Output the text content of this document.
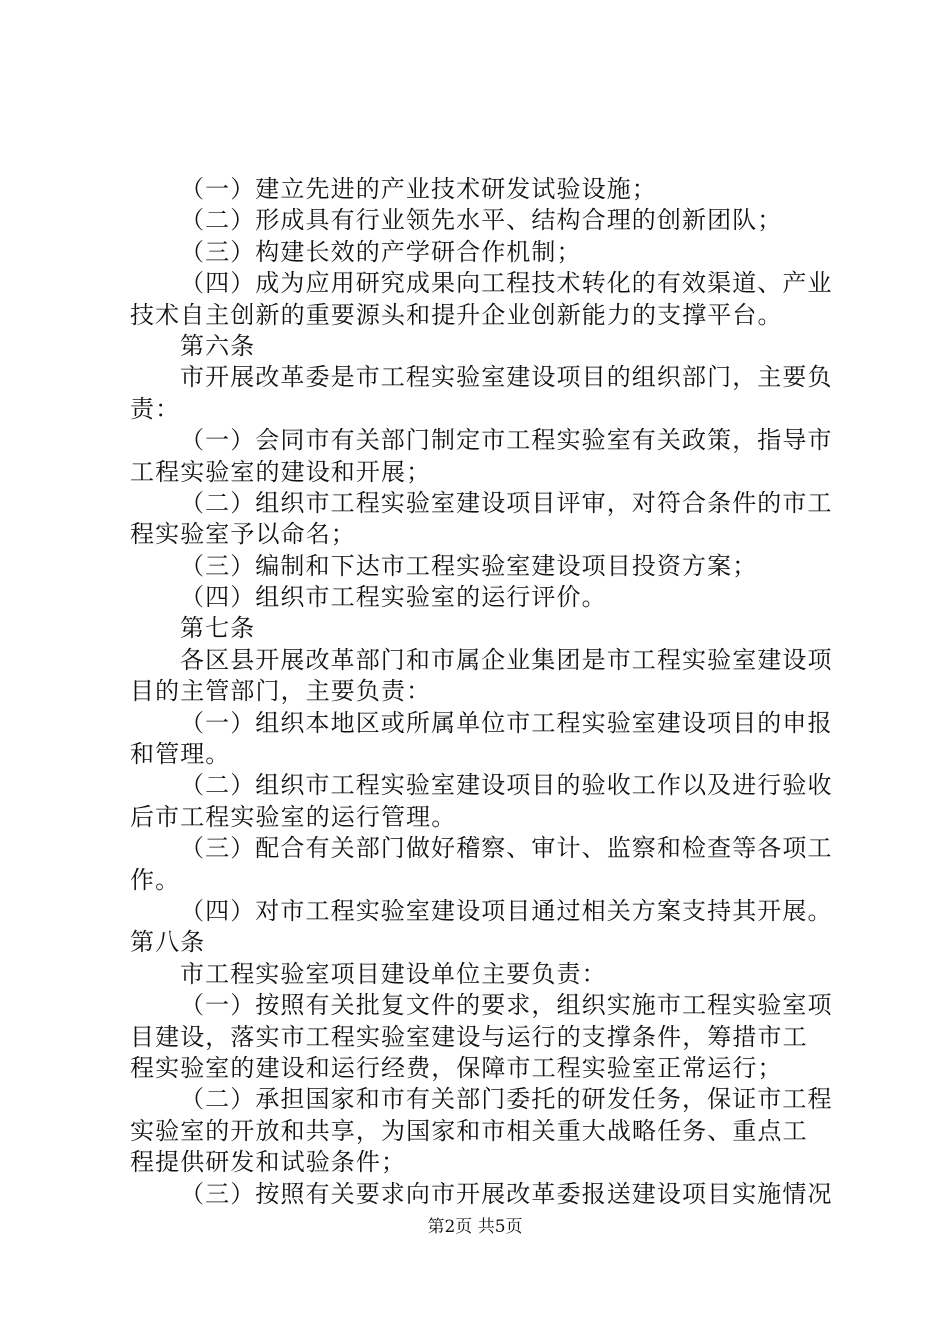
（一）建立先进的产业技术研发试验设施；
（二）形成具有行业领先水平、结构合理的创新团队；
（三）构建长效的产学研合作机制；
（四）成为应用研究成果向工程技术转化的有效渠道、产业
技术自主创新的重要源头和提升企业创新能力的支撑平台。
第六条
市开展改革委是市工程实验室建设项目的组织部门，主要负
责：
（一）会同市有关部门制定市工程实验室有关政策，指导市
工程实验室的建设和开展；
（二）组织市工程实验室建设项目评审，对符合条件的市工
程实验室予以命名；
（三）编制和下达市工程实验室建设项目投资方案；
（四）组织市工程实验室的运行评价。
第七条
各区县开展改革部门和市属企业集团是市工程实验室建设项
目的主管部门，主要负责：
（一）组织本地区或所属单位市工程实验室建设项目的申报
和管理。
（二）组织市工程实验室建设项目的验收工作以及进行验收
后市工程实验室的运行管理。
（三）配合有关部门做好稽察、审计、监察和检查等各项工
作。
（四）对市工程实验室建设项目通过相关方案支持其开展。
第八条
市工程实验室项目建设单位主要负责：
（一）按照有关批复文件的要求，组织实施市工程实验室项
目建设，落实市工程实验室建设与运行的支撑条件，筹措市工
程实验室的建设和运行经费，保障市工程实验室正常运行；
（二）承担国家和市有关部门委托的研发任务，保证市工程
实验室的开放和共享，为国家和市相关重大战略任务、重点工
程提供研发和试验条件；
（三）按照有关要求向市开展改革委报送建设项目实施情况
第2页 共5页
